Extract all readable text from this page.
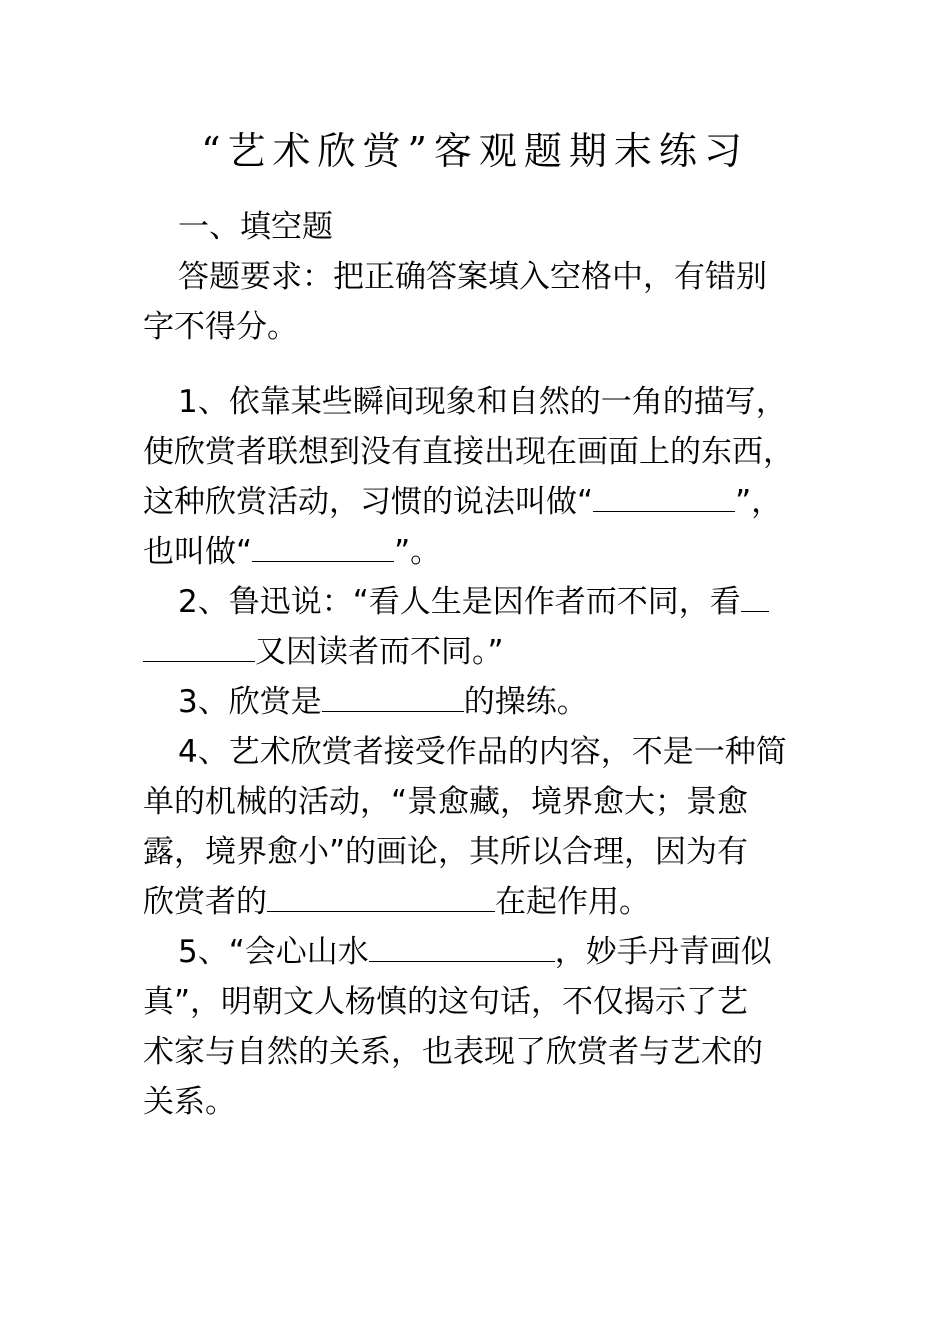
“艺术欣赏”客观题期末练习
一、填空题
答题要求：把正确答案填入空格中，有错别
字不得分。
1、依靠某些瞬间现象和自然的一角的描写，
使欣赏者联想到没有直接出现在画面上的东西，
这种欣赏活动，习惯的说法叫做“	”，
也叫做“	”。
2、鲁迅说：“看人生是因作者而不同，看
又因读者而不同。”
3、欣赏是	的操练。
4、艺术欣赏者接受作品的内容，不是一种简
单的机械的活动，“景愈藏，境界愈大；景愈
露，境界愈小”的画论，其所以合理，因为有
欣赏者的	在起作用。
5、“会心山水	，妙手丹青画似
真”，明朝文人杨慎的这句话，不仅揭示了艺
术家与自然的关系，也表现了欣赏者与艺术的
关系。
